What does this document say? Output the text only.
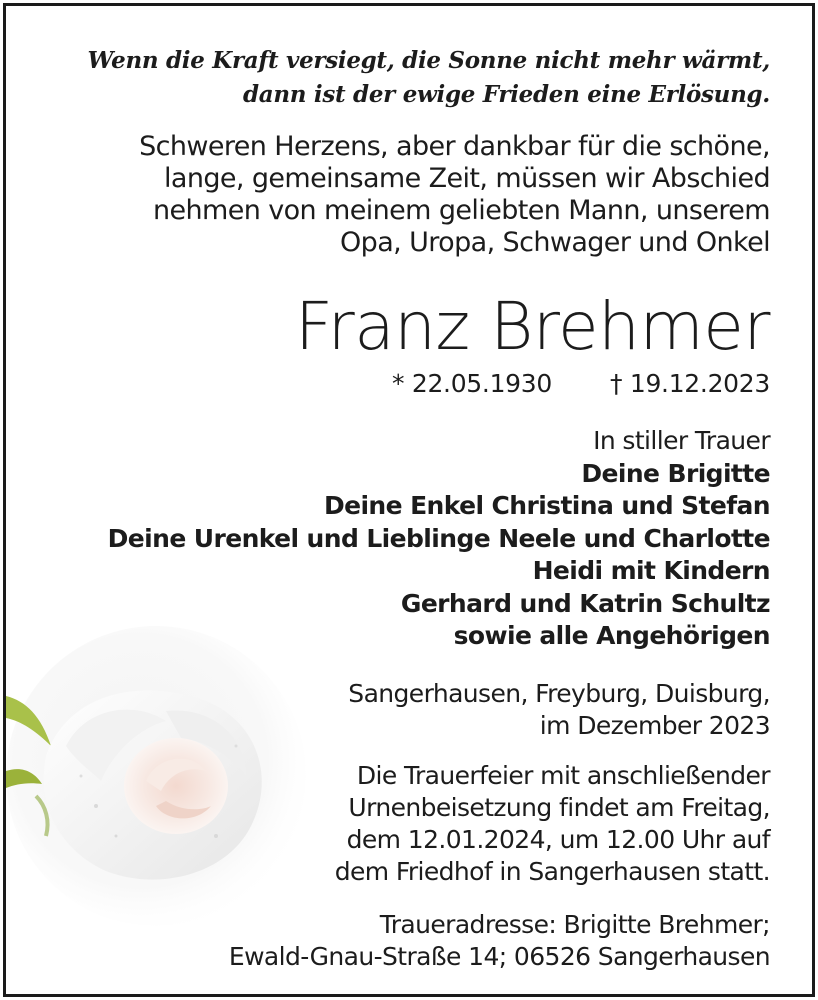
Wenn die Kraft versiegt, die Sonne nicht mehr wärmt,
dann ist der ewige Frieden eine Erlösung.
Schweren Herzens, aber dankbar für die schöne,
lange, gemeinsame Zeit, müssen wir Abschied
nehmen von meinem geliebten Mann, unserem
Opa, Uropa, Schwager und Onkel
Franz Brehmer
* 22.05.1930 † 19.12.2023
In stiller Trauer
Deine Brigitte
Deine Enkel Christina und Stefan
Deine Urenkel und Lieblinge Neele und Charlotte
Heidi mit Kindern
Gerhard und Katrin Schultz
sowie alle Angehörigen
Sangerhausen, Freyburg, Duisburg,
im Dezember 2023
Die Trauerfeier mit anschließender
Urnenbeisetzung findet am Freitag,
dem 12.01.2024, um 12.00 Uhr auf
dem Friedhof in Sangerhausen statt.
Traueradresse: Brigitte Brehmer;
Ewald-Gnau-Straße 14; 06526 Sangerhausen
